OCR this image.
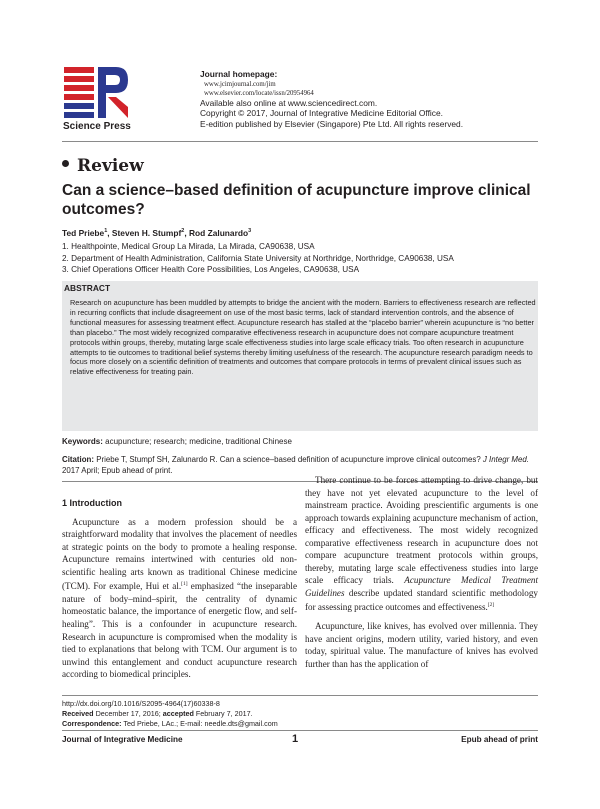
Science Press
Journal homepage:
www.jcimjournal.com/jim
www.elsevier.com/locate/issn/20954964
Available also online at www.sciencedirect.com.
Copyright © 2017, Journal of Integrative Medicine Editorial Office.
E-edition published by Elsevier (Singapore) Pte Ltd. All rights reserved.
Review
Can a science–based definition of acupuncture improve clinical outcomes?
Ted Priebe$^1$, Steven H. Stumpf$^2$, Rod Zalunardo$^3$
1. Healthpointe, Medical Group La Mirada, La Mirada, CA90638, USA
2. Department of Health Administration, California State University at Northridge, Northridge, CA90638, USA
3. Chief Operations Officer Health Core Possibilities, Los Angeles, CA90638, USA
ABSTRACT
Research on acupuncture has been muddled by attempts to bridge the ancient with the modern. Barriers to effectiveness research are reflected in recurring conflicts that include disagreement on use of the most basic terms, lack of standard intervention controls, and the absence of functional measures for assessing treatment effect. Acupuncture research has stalled at the “placebo barrier” wherein acupuncture is “no better than placebo.” The most widely recognized comparative effectiveness research in acupuncture does not compare acupuncture treatment protocols within groups, thereby, mutating large scale effectiveness studies into large scale efficacy trials. Too often research in acupuncture attempts to tie outcomes to traditional belief systems thereby limiting usefulness of the research. The acupuncture research paradigm needs to focus more closely on a scientific definition of treatments and outcomes that compare protocols in terms of prevalent clinical issues such as relative effectiveness for treating pain.
Keywords: acupuncture; research; medicine, traditional Chinese
Citation: Priebe T, Stumpf SH, Zalunardo R. Can a science–based definition of acupuncture improve clinical outcomes? J Integr Med. 2017 April; Epub ahead of print.

1 Introduction

Acupuncture as a modern profession should be a straightforward modality that involves the placement of needles at strategic points on the body to promote a healing response. Acupuncture remains intertwined with centuries old non-scientific healing arts known as traditional Chinese medicine (TCM). For example, Hui et al.[1] emphasized “the inseparable nature of body–mind–spirit, the centrality of dynamic homeostatic balance, the importance of energetic flow, and self-healing”. This is a confounder in acupuncture research. Research in acupuncture is compromised when the modality is tied to explanations that belong with TCM. Our argument is to unwind this entanglement and conduct acupuncture research according to biomedical principles.

There continue to be forces attempting to drive change, but they have not yet elevated acupuncture to the level of mainstream practice. Avoiding prescientific arguments is one approach towards explaining acupuncture mechanism of action, efficacy and effectiveness. The most widely recognized comparative effectiveness research in acupuncture does not compare acupuncture treatment protocols within groups, thereby, mutating large scale effectiveness studies into large scale efficacy trials. Acupuncture Medical Treatment Guidelines describe updated standard scientific methodology for assessing practice outcomes and effectiveness.[2]

Acupuncture, like knives, has evolved over millennia. They have ancient origins, modern utility, varied history, and even today, spiritual value. The manufacture of knives has evolved further than has the application of

http://dx.doi.org/10.1016/S2095-4964(17)60338-8
Received December 17, 2016; accepted February 7, 2017.
Correspondence: Ted Priebe, LAc.; E-mail: needle.dts@gmail.com
Journal of Integrative Medicine	1	Epub ahead of print
